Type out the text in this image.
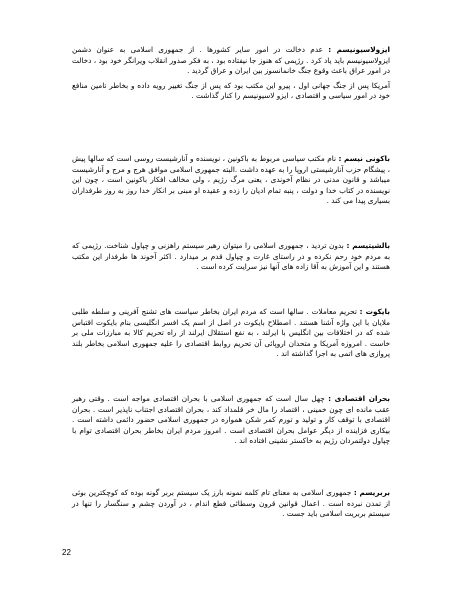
ایزولاسیونیسم : عدم دخالت در امور سایر کشورها . از جمهوری اسلامی به عنوان دشمن ایزولاسیونیسم باید یاد کرد . رژیمی که هنوز جا نیفتاده بود ، به فکر صدور انقلاب ویرانگر خود بود ، دخالت در امور عراق باعث وقوع جنگ خانمانسوز بین ایران و عراق گردید .

آمریکا پس از جنگ جهانی اول ، پیرو این مکتب بود که پس از جنگ تغییر رویه داده و بخاطر تامین منافع خود در امور سیاسی و اقتصادی ، ایزو لاسیونیسم را کنار گذاشت .

باکونی نیسم : نام مکتب سیاسی مربوط به باکونین ، نویسنده و آنارشیست روسی است که سالها پیش ، پیشگام حزب آنارشیستی اروپا را به عهده داشت .البته جمهوری اسلامی موافق هرج و مرج و آنارشیست میباشد و قانون مدنی در نظام آخوندی ، یعنی مرگ رژیم ، ولی مخالف افکار باکونین است ، چون این نویسنده در کتاب خدا و دولت ، پنبه تمام ادیان را زده و عقیده او مبنی بر انکار خدا روز به روز طرفداران بسیاری پیدا می کند .

بالشیتیسم : بدون تردید ، جمهوری اسلامی را میتوان رهبر سیستم راهزنی و چپاول شناخت. رژیمی که به مردم خود رحم نکرده و در راستای غارت و چپاول قدم بر میدارد . اکثر آخوند ها طرفدار این مکتب هستند و این آموزش به آقا زاده های آنها نیز سرایت کرده است .

بایکوت : تحریم معاملات . سالها است که مردم ایران بخاطر سیاست های تشنج آفرینی و سلطه طلبی ملایان با این واژه آشنا هستند . اصطلاح بایکوت در اصل از اسم یک افسر انگلیسی بنام بایکوت اقتباس شده که در اختلافات بین انگلیس با ایرلند ، به نفع استقلال ایرلند از راه تحریم کالا به مبارزات ملی بر خاست . امروزه آمریکا و متحدان اروپائی آن تحریم روابط اقتصادی را علیه جمهوری اسلامی بخاطر بلند پروازی های اتمی به اجرا گذاشته اند .

بحران اقتصادی : چهل سال است که جمهوری اسلامی با بحران اقتصادی مواجه است . وقتی رهبر عقب مانده ای چون خمینی ، اقتصاد را مال خر قلمداد کند ، بحران اقتصادی اجتناب ناپذیر است . بحران اقتصادی با توقف کار و تولید و تورم کمر شکن همواره در جمهوری اسلامی حضور دائمی داشته است . بیکاری فزاینده از دیگر عوامل بحران اقتصادی است . امروز مردم ایران بخاطر بحران اقتصادی توام با چپاول دولتمردان رژیم به خاکستر نشینی افتاده اند .

بربریسم : جمهوری اسلامی به معنای تام کلمه نمونه بارز یک سیستم بربر گونه بوده که کوچکترین بوئی از تمدن نبرده است . اعمال قوانین قرون وسطائی قطع اندام ، در آوردن چشم و سنگسار را تنها در سیستم بربریت اسلامی باید جست .

22
